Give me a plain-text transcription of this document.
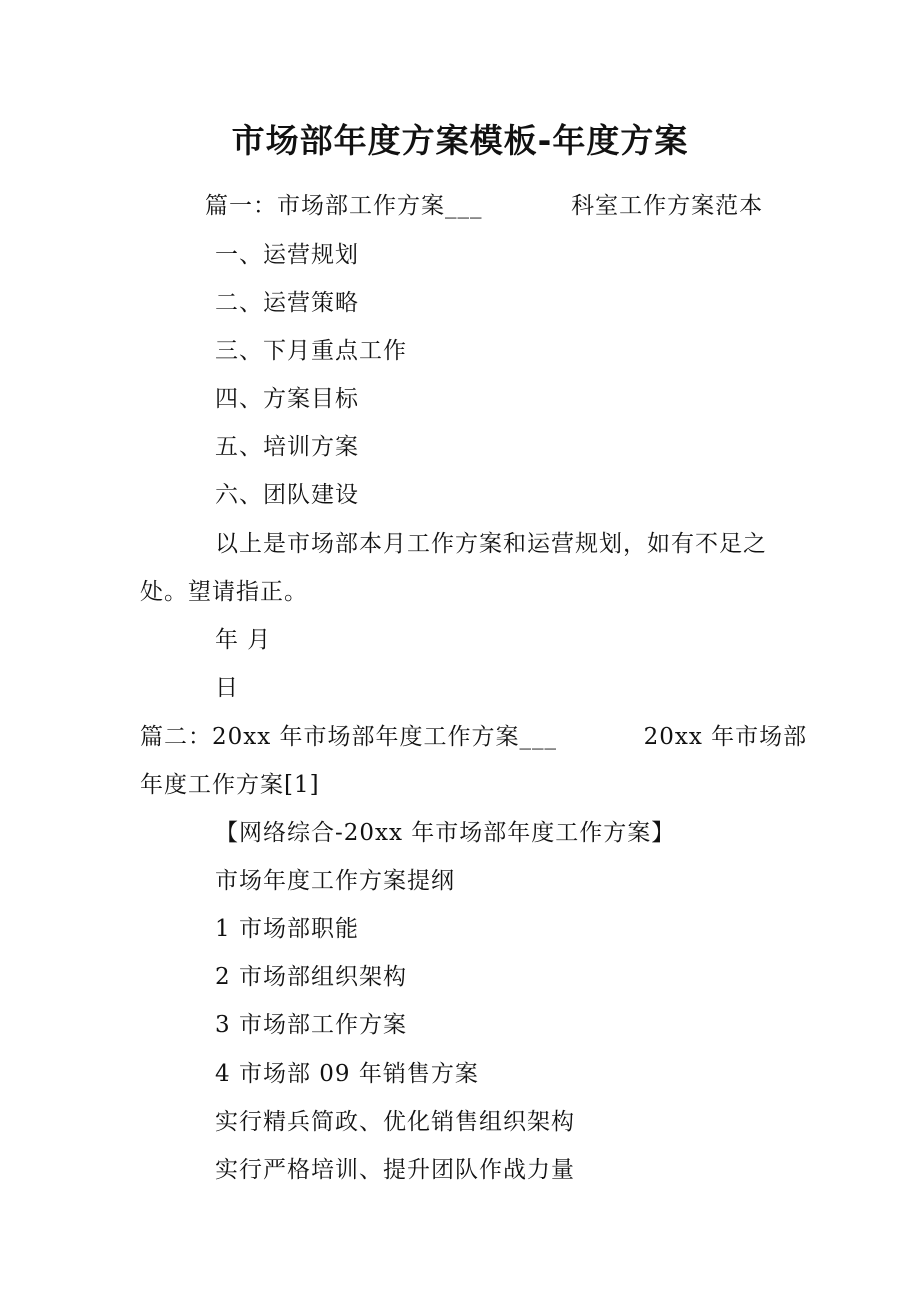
市场部年度方案模板-年度方案
篇一：市场部工作方案___	科室工作方案范本
一、运营规划
二、运营策略
三、下月重点工作
四、方案目标
五、培训方案
六、团队建设
以上是市场部本月工作方案和运营规划，如有不足之
处。望请指正。
年 月
日
篇二：20xx 年市场部年度工作方案___	20xx 年市场部
年度工作方案[1]
【网络综合-20xx 年市场部年度工作方案】
市场年度工作方案提纲
1 市场部职能
2 市场部组织架构
3 市场部工作方案
4 市场部 09 年销售方案
实行精兵简政、优化销售组织架构
实行严格培训、提升团队作战力量
